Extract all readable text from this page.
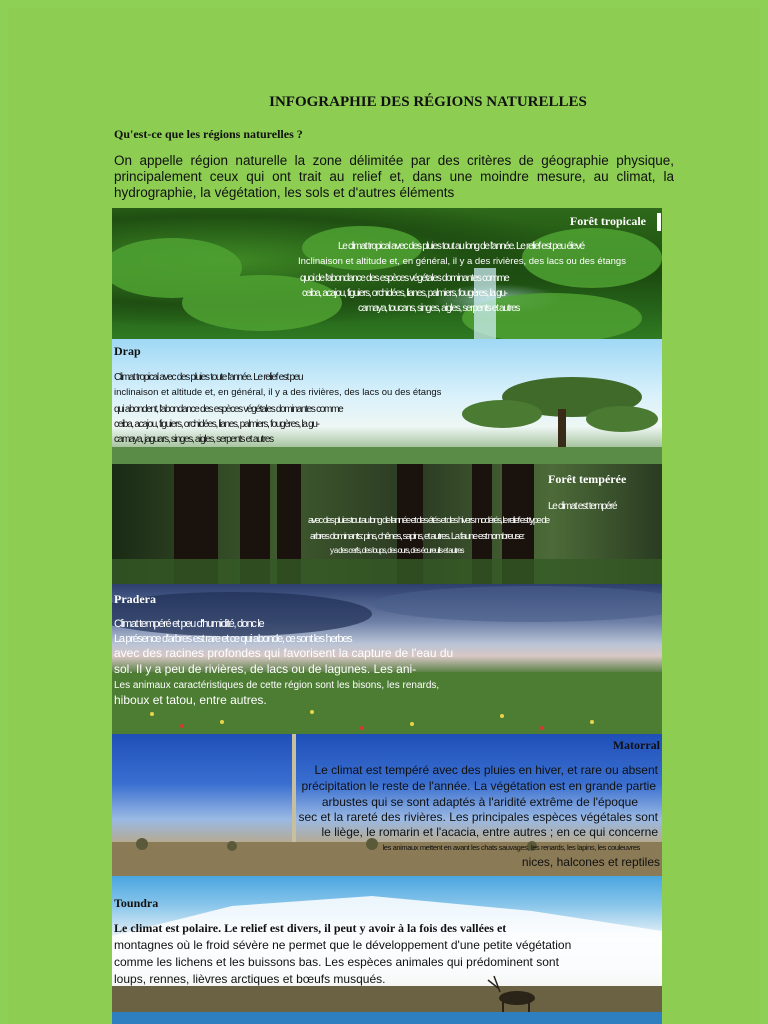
INFOGRAPHIE DES RÉGIONS NATURELLES
Qu'est-ce que les régions naturelles ?
On appelle région naturelle la zone délimitée par des critères de géographie physique, principalement ceux qui ont trait au relief et, dans une moindre mesure, au climat, la hydrographie, la végétation, les sols et d'autres éléments
Forêt tropicale
Le climat tropical avec des pluies tout au long de l'année. Le relief est peu élevé
Inclinaison et altitude et, en général, il y a des rivières, des lacs ou des étangs
quoi de l'abondance des espèces végétales dominantes comme
ceiba, acajou, figuiers, orchidées, lianes, palmiers, fougères, la gu-
camaya, toucans, singes, aigles, serpents et autres
Drap
Climat tropical avec des pluies toute l'année. Le relief est peu
inclinaison et altitude et, en général, il y a des rivières, des lacs ou des étangs
qui abondent, l'abondance des espèces végétales dominantes comme
ceiba, acajou, figuiers, orchidées, lianes, palmiers, fougères, la gu-
camaya, jaguars, singes, aigles, serpents et autres
Forêt tempérée
Le climat est tempéré
avec des pluies tout au long de l'année et des étés et des hivers modérés, le relief est type de
arbres dominants: pins, chênes, sapins, et autres. La faune est nombreuse:
y a des cerfs, des loups, des ours, des écureuils et autres
Pradera
Climat tempéré et peu d'humidité, donc le
La présence d'arbres est rare et ce qui abonde, ce sont les herbes
avec des racines profondes qui favorisent la capture de l'eau du
sol. Il y a peu de rivières, de lacs ou de lagunes. Les ani-
Les animaux caractéristiques de cette région sont les bisons, les renards,
hiboux et tatou, entre autres.
Matorral
Le climat est tempéré avec des pluies en hiver, et rare ou absent
précipitation le reste de l'année. La végétation est en grande partie
arbustes qui se sont adaptés à l'aridité extrême de l'époque
sec et la rareté des rivières. Les principales espèces végétales sont
le liège, le romarin et l'acacia, entre autres ; en ce qui concerne
les animaux mettent en avant les chats sauvages, les renards, les lapins, les couleuvres
nices, halcones et reptiles
Toundra
Le climat est polaire. Le relief est divers, il peut y avoir à la fois des vallées et
montagnes où le froid sévère ne permet que le développement d'une petite végétation
comme les lichens et les buissons bas. Les espèces animales qui prédominent sont
loups, rennes, lièvres arctiques et bœufs musqués.
